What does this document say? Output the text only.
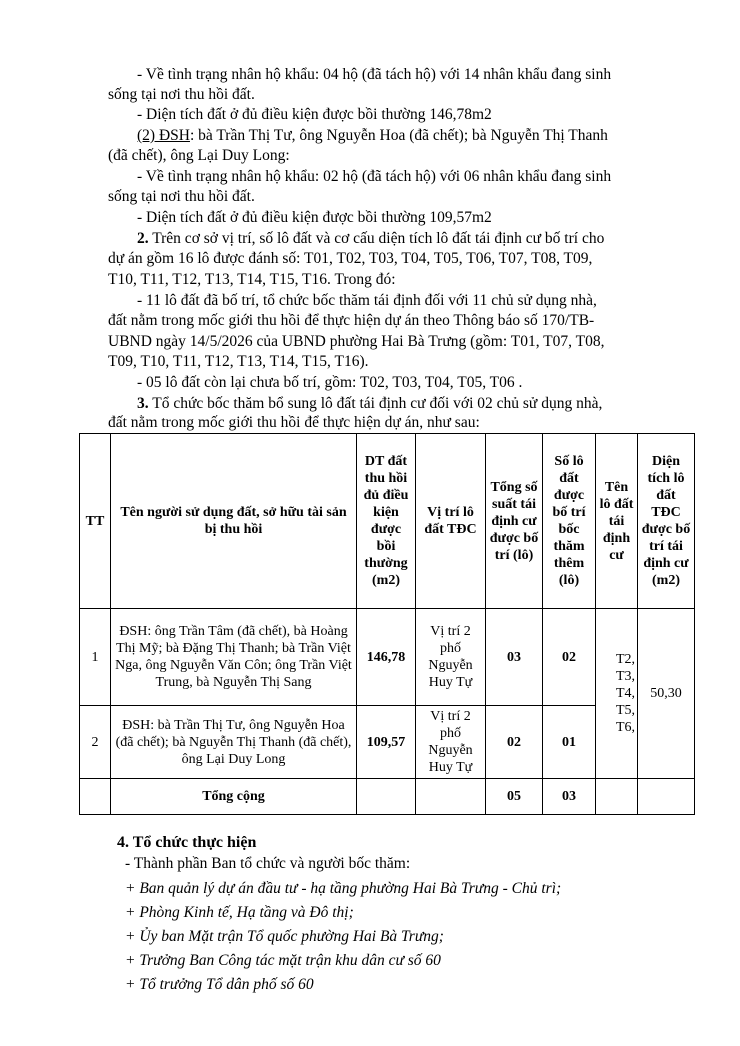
- Về tình trạng nhân hộ khẩu: 04 hộ (đã tách hộ) với 14 nhân khẩu đang sinh
sống tại nơi thu hồi đất.
- Diện tích đất ở đủ điều kiện được bồi thường 146,78m2
(2) ĐSH: bà Trần Thị Tư, ông Nguyễn Hoa (đã chết); bà Nguyễn Thị Thanh
(đã chết), ông Lại Duy Long:
- Về tình trạng nhân hộ khẩu: 02 hộ (đã tách hộ) với 06 nhân khẩu đang sinh
sống tại nơi thu hồi đất.
- Diện tích đất ở đủ điều kiện được bồi thường 109,57m2
2. Trên cơ sở vị trí, số lô đất và cơ cấu diện tích lô đất tái định cư bố trí cho
dự án gồm 16 lô được đánh số: T01, T02, T03, T04, T05, T06, T07, T08, T09,
T10, T11, T12, T13, T14, T15, T16. Trong đó:
- 11 lô đất đã bố trí, tổ chức bốc thăm tái định đối với 11 chủ sử dụng nhà,
đất nằm trong mốc giới thu hồi để thực hiện dự án theo Thông báo số 170/TB-
UBND ngày 14/5/2026 của UBND phường Hai Bà Trưng (gồm: T01, T07, T08,
T09, T10, T11, T12, T13, T14, T15, T16).
- 05 lô đất còn lại chưa bố trí, gồm: T02, T03, T04, T05, T06 .
3. Tổ chức bốc thăm bổ sung lô đất tái định cư đối với 02 chủ sử dụng nhà,
đất nằm trong mốc giới thu hồi để thực hiện dự án, như sau:
TT	Tên người sử dụng đất, sở hữu tài sản bị thu hồi	DT đất thu hồi đủ điều kiện được bồi thường (m2)	Vị trí lô đất TĐC	Tổng số suất tái định cư được bố trí (lô)	Số lô đất được bố trí bốc thăm thêm (lô)	Tên lô đất tái định cư	Diện tích lô đất TĐC được bố trí tái định cư (m2)
1	ĐSH: ông Trần Tâm (đã chết), bà Hoàng Thị Mỹ; bà Đặng Thị Thanh; bà Trần Việt Nga, ông Nguyễn Văn Côn; ông Trần Việt Trung, bà Nguyễn Thị Sang	146,78	Vị trí 2 phố Nguyễn Huy Tự	03	02	T2, T3, T4, T5, T6,	50,30
2	ĐSH: bà Trần Thị Tư, ông Nguyễn Hoa (đã chết); bà Nguyễn Thị Thanh (đã chết), ông Lại Duy Long	109,57	Vị trí 2 phố Nguyễn Huy Tự	02	01		
	Tổng cộng			05	03		
4. Tổ chức thực hiện
- Thành phần Ban tổ chức và người bốc thăm:
+ Ban quản lý dự án đầu tư - hạ tầng phường Hai Bà Trưng - Chủ trì;
+ Phòng Kinh tế, Hạ tầng và Đô thị;
+ Ủy ban Mặt trận Tổ quốc phường Hai Bà Trưng;
+ Trưởng Ban Công tác mặt trận khu dân cư số 60
+ Tổ trưởng Tổ dân phố số 60
